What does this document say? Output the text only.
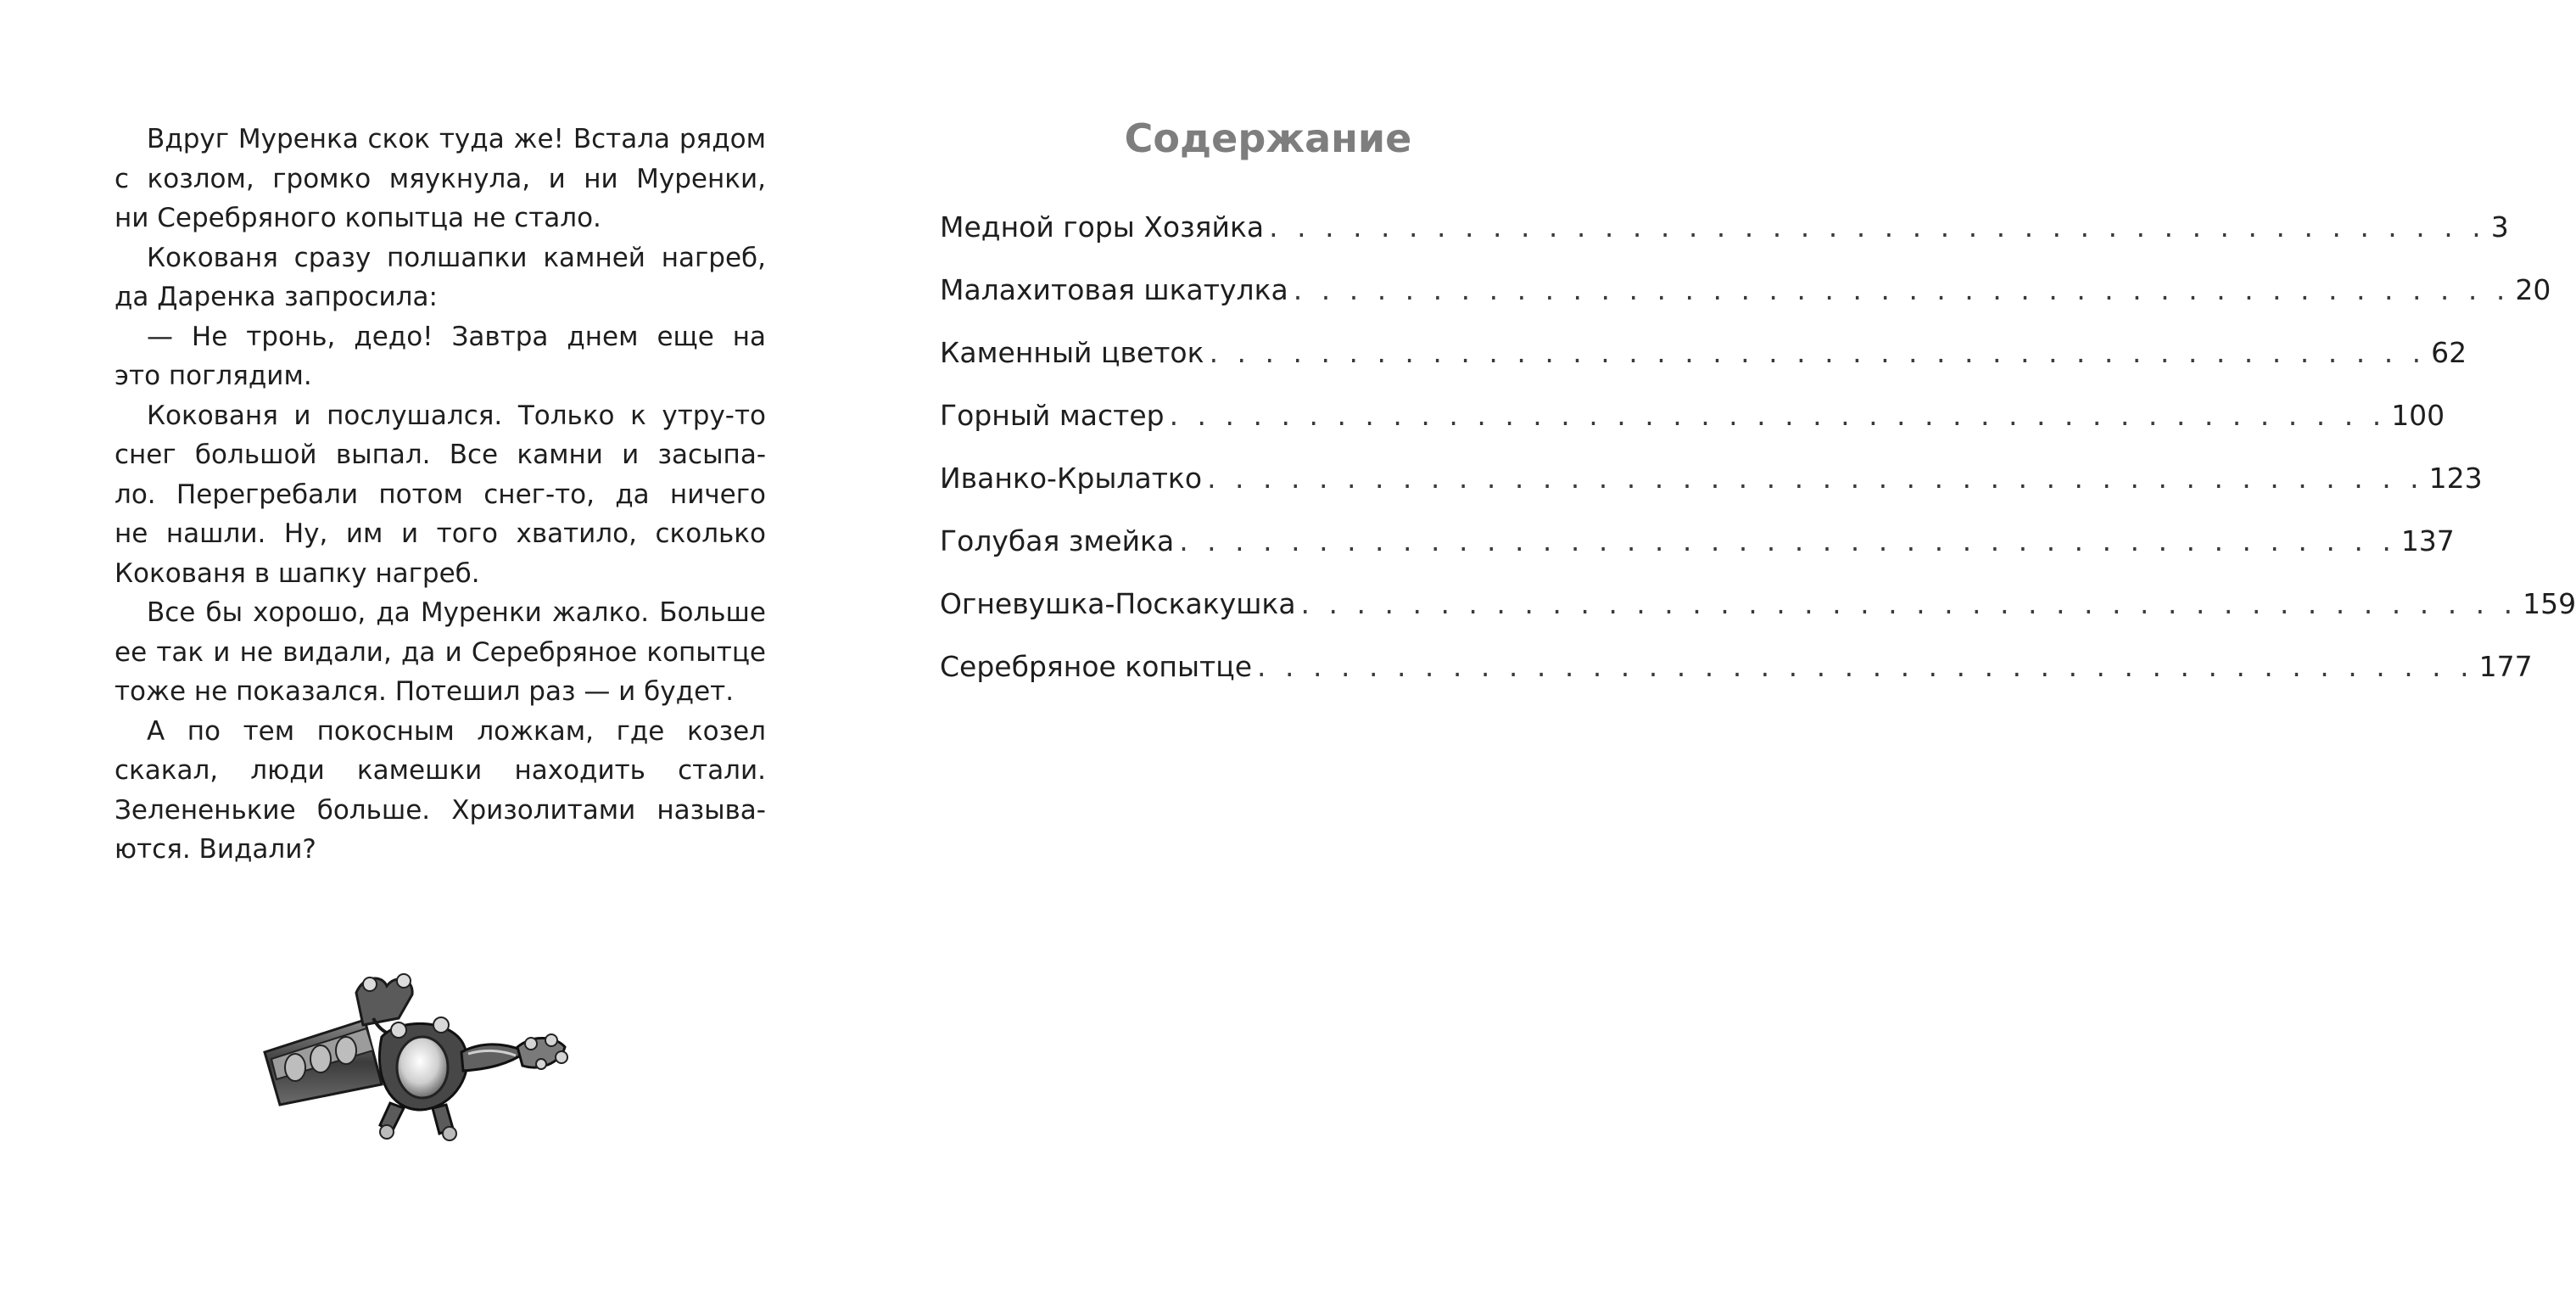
Вдруг Муренка скок туда же! Встала рядом
с козлом, громко мяукнула, и ни Муренки,
ни Серебряного копытца не стало.
Кокованя сразу полшапки камней нагреб,
да Даренка запросила:
— Не тронь, дедо! Завтра днем еще на
это поглядим.
Кокованя и послушался. Только к утру-то
снег большой выпал. Все камни и засыпа-
ло. Перегребали потом снег-то, да ничего
не нашли. Ну, им и того хватило, сколько
Кокованя в шапку нагреб.
Все бы хорошо, да Муренки жалко. Больше
ее так и не видали, да и Серебряное копытце
тоже не показался. Потешил раз — и будет.
А по тем покосным ложкам, где козел
скакал, люди камешки находить стали.
Зелененькие больше. Хризолитами называ-
ются. Видали?
Содержание
Медной горы Хозяйка . . . . . . . . . . . . . . . . . . . . . . . . . . . . . . . . . . . . . . . . . . . . 3
Малахитовая шкатулка . . . . . . . . . . . . . . . . . . . . . . . . . . . . . . . . . . . . . . . . . . . . 20
Каменный цветок . . . . . . . . . . . . . . . . . . . . . . . . . . . . . . . . . . . . . . . . . . . . 62
Горный мастер . . . . . . . . . . . . . . . . . . . . . . . . . . . . . . . . . . . . . . . . . . . . 100
Иванко-Крылатко . . . . . . . . . . . . . . . . . . . . . . . . . . . . . . . . . . . . . . . . . . . . 123
Голубая змейка . . . . . . . . . . . . . . . . . . . . . . . . . . . . . . . . . . . . . . . . . . . . 137
Огневушка-Поскакушка . . . . . . . . . . . . . . . . . . . . . . . . . . . . . . . . . . . . . . . . . . . . 159
Серебряное копытце . . . . . . . . . . . . . . . . . . . . . . . . . . . . . . . . . . . . . . . . . . . . 177
